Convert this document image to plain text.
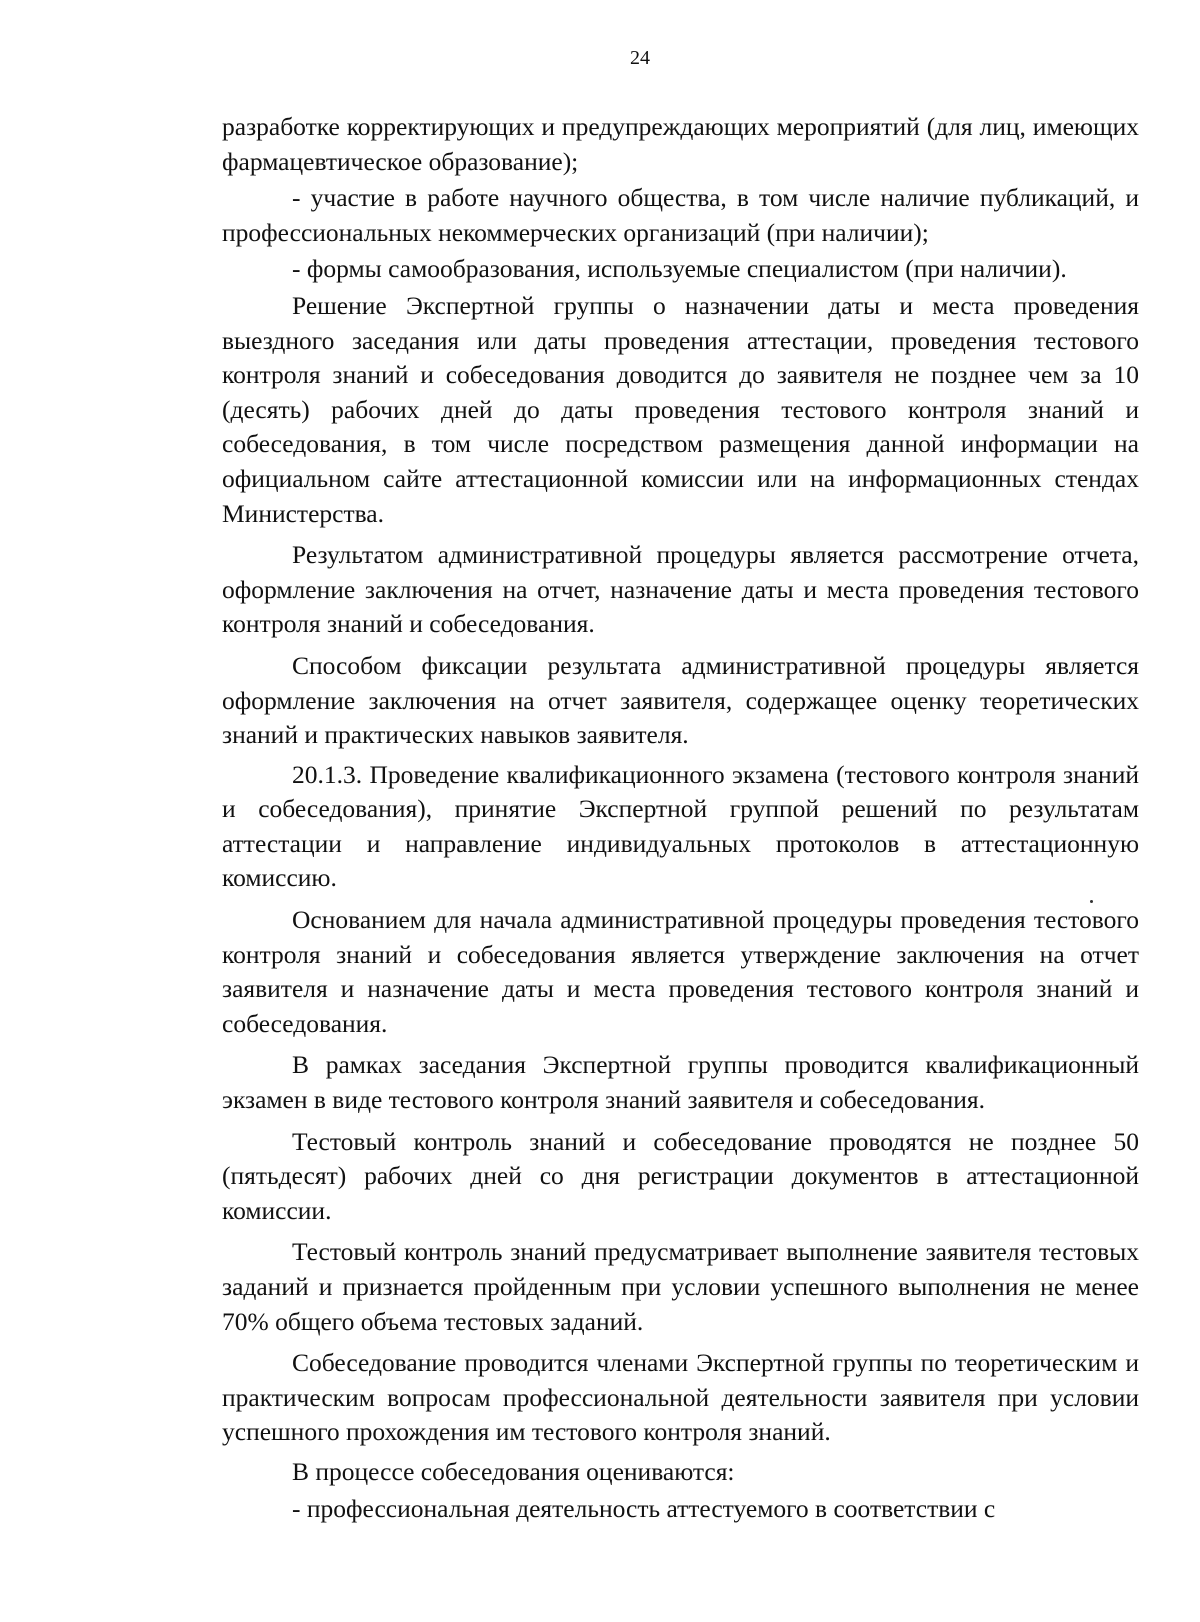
24

разработке корректирующих и предупреждающих мероприятий (для лиц, имеющих фармацевтическое образование);

- участие в работе научного общества, в том числе наличие публикаций, и профессиональных некоммерческих организаций (при наличии);

- формы самообразования, используемые специалистом (при наличии).

Решение Экспертной группы о назначении даты и места проведения выездного заседания или даты проведения аттестации, проведения тестового контроля знаний и собеседования доводится до заявителя не позднее чем за 10 (десять) рабочих дней до даты проведения тестового контроля знаний и собеседования, в том числе посредством размещения данной информации на официальном сайте аттестационной комиссии или на информационных стендах Министерства.

Результатом административной процедуры является рассмотрение отчета, оформление заключения на отчет, назначение даты и места проведения тестового контроля знаний и собеседования.

Способом фиксации результата административной процедуры является оформление заключения на отчет заявителя, содержащее оценку теоретических знаний и практических навыков заявителя.

20.1.3. Проведение квалификационного экзамена (тестового контроля знаний и собеседования), принятие Экспертной группой решений по результатам аттестации и направление индивидуальных протоколов в аттестационную комиссию.

Основанием для начала административной процедуры проведения тестового контроля знаний и собеседования является утверждение заключения на отчет заявителя и назначение даты и места проведения тестового контроля знаний и собеседования.

В рамках заседания Экспертной группы проводится квалификационный экзамен в виде тестового контроля знаний заявителя и собеседования.

Тестовый контроль знаний и собеседование проводятся не позднее 50 (пятьдесят) рабочих дней со дня регистрации документов в аттестационной комиссии.

Тестовый контроль знаний предусматривает выполнение заявителя тестовых заданий и признается пройденным при условии успешного выполнения не менее 70% общего объема тестовых заданий.

Собеседование проводится членами Экспертной группы по теоретическим и практическим вопросам профессиональной деятельности заявителя при условии успешного прохождения им тестового контроля знаний.

В процессе собеседования оцениваются:

- профессиональная деятельность аттестуемого в соответствии с
